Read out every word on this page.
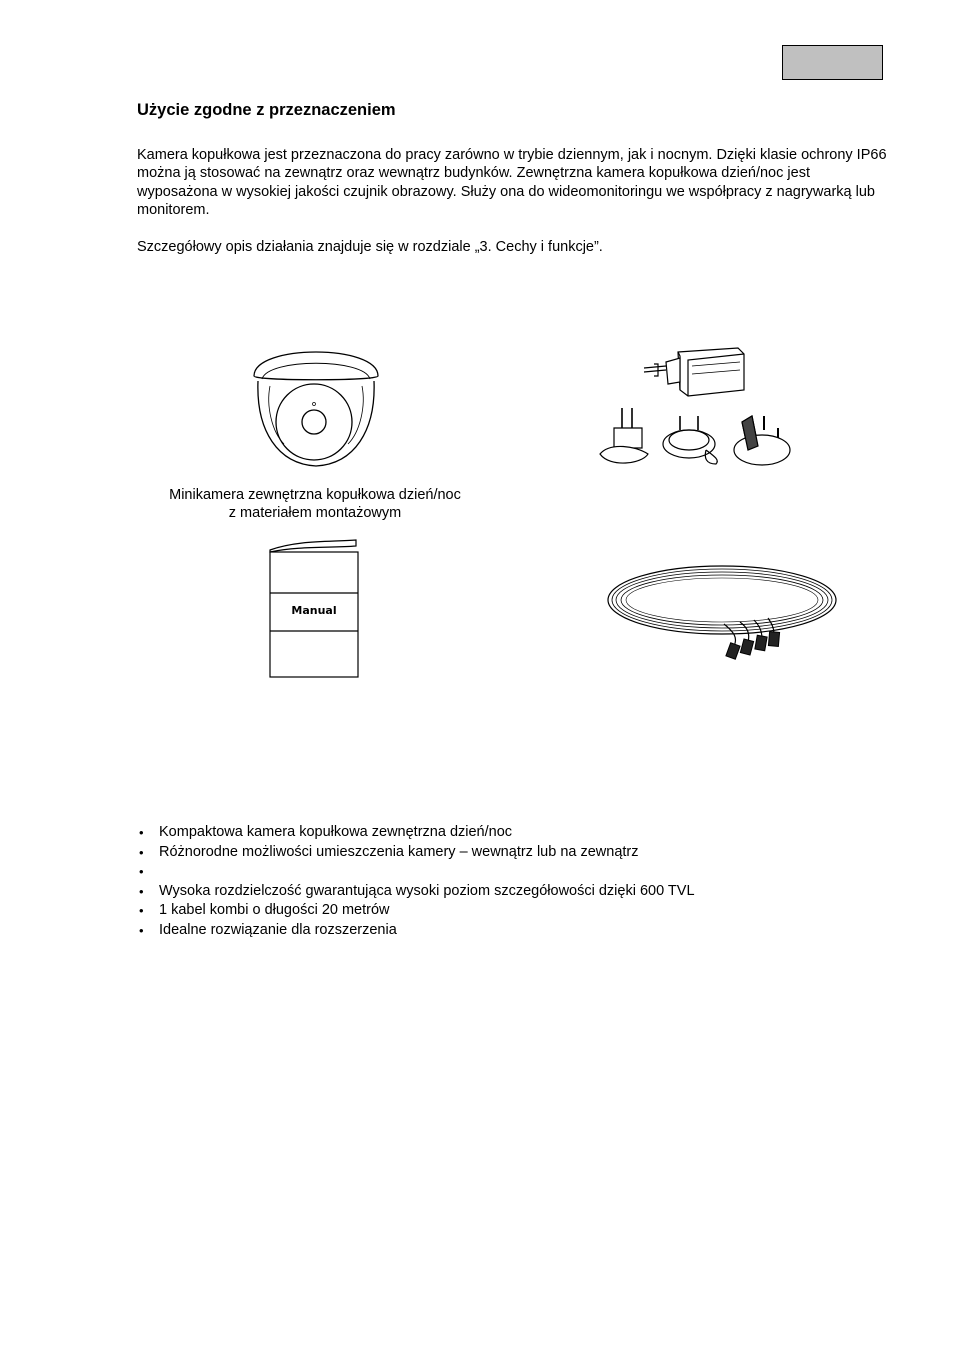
Użycie zgodne z przeznaczeniem

Kamera kopułkowa jest przeznaczona do pracy zarówno w trybie dziennym, jak i nocnym. Dzięki klasie ochrony IP66 można ją stosować na zewnątrz oraz wewnątrz budynków. Zewnętrzna kamera kopułkowa dzień/noc jest wyposażona w wysokiej jakości czujnik obrazowy. Służy ona do wideomonitoringu we współpracy z nagrywarką lub monitorem.

Szczegółowy opis działania znajduje się w rozdziale „3. Cechy i funkcje”.

Minikamera zewnętrzna kopułkowa dzień/noc
z materiałem montażowym
Manual
• Kompaktowa kamera kopułkowa zewnętrzna dzień/noc
• Różnorodne możliwości umieszczenia kamery – wewnątrz lub na zewnątrz
•
• Wysoka rozdzielczość gwarantująca wysoki poziom szczegółowości dzięki 600 TVL
• 1 kabel kombi o długości 20 metrów
• Idealne rozwiązanie dla rozszerzenia
